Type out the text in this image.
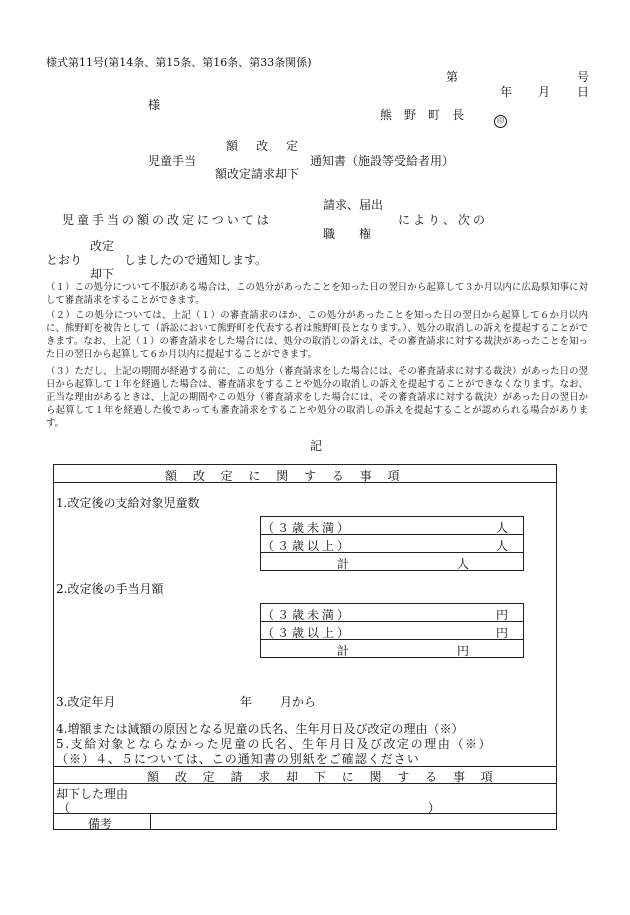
様式第11号(第14条、第15条、第16条、第33条関係)
第	号
年 月 日
様
熊　野　町　長	印
額　改　定
児童手当	通知書（施設等受給者用）
額改定請求却下
請求、届出
児童手当の額の改定については	により、次の
職　　権
改定
とおり	しましたので通知します。
却下
（１）この処分について不服がある場合は、この処分があったことを知った日の翌日から起算して３か月以内に広島県知事に対して審査請求をすることができます。
（２）この処分については、上記（１）の審査請求のほか、この処分があったことを知った日の翌日から起算して６か月以内に、熊野町を被告として（訴訟において熊野町を代表する者は熊野町長となります。）、処分の取消しの訴えを提起することができます。なお、上記（１）の審査請求をした場合には、処分の取消しの訴えは、その審査請求に対する裁決があったことを知った日の翌日から起算して６か月以内に提起することができます。
（３）ただし、上記の期間が経過する前に、この処分（審査請求をした場合には、その審査請求に対する裁決）があった日の翌日から起算して１年を経過した場合は、審査請求をすることや処分の取消しの訴えを提起することができなくなります。なお、正当な理由があるときは、上記の期間やこの処分（審査請求をした場合には、その審査請求に対する裁決）があった日の翌日から起算して１年を経過した後であっても審査請求をすることや処分の取消しの訴えを提起することが認められる場合があります。
記
額 改 定 に 関 す る 事 項
1.改定後の支給対象児童数
（３歳未満）	人
（３歳以上）	人
計	人
2.改定後の手当月額
（３歳未満）	円
（３歳以上）	円
計	円
3.改定年月	年 月から
4.増額または減額の原因となる児童の氏名、生年月日及び改定の理由（※）
5.支給対象とならなかった児童の氏名、生年月日及び改定の理由（※）
（※）４、５については、この通知書の別紙をご確認ください
額 改 定 請 求 却 下 に 関 す る 事 項
却下した理由
（	）
備考
